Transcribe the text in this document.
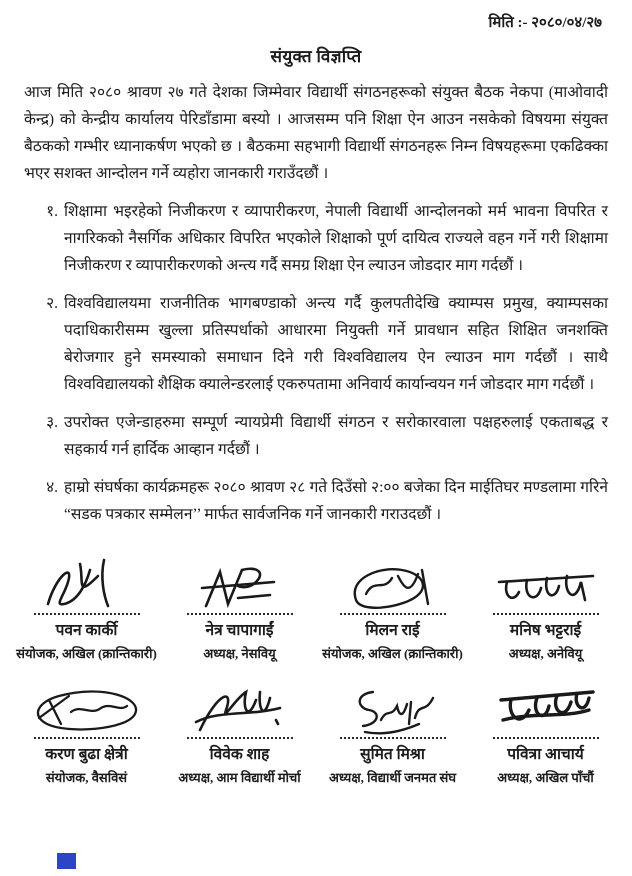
मिति :- २०८०/०४/२७
संयुक्त विज्ञप्ति

आज मिति २०८० श्रावण २७ गते देशका जिम्मेवार विद्यार्थी संगठनहरूको संयुक्त बैठक नेकपा (माओवादी केन्द्र) को केन्द्रीय कार्यालय पेरिडाँडामा बस्यो । आजसम्म पनि शिक्षा ऐन आउन नसकेको विषयमा संयुक्त बैठकको गम्भीर ध्यानाकर्षण भएको छ । बैठकमा सहभागी विद्यार्थी संगठनहरू निम्न विषयहरूमा एकढिक्का भएर सशक्त आन्दोलन गर्ने व्यहोरा जानकारी गराउँदछौं ।

१. शिक्षामा भइरहेको निजीकरण र व्यापारीकरण, नेपाली विद्यार्थी आन्दोलनको मर्म भावना विपरित र नागरिकको नैसर्गिक अधिकार विपरित भएकोले शिक्षाको पूर्ण दायित्व राज्यले वहन गर्ने गरी शिक्षामा निजीकरण र व्यापारीकरणको अन्त्य गर्दै समग्र शिक्षा ऐन ल्याउन जोडदार माग गर्दछौं ।
२. विश्वविद्यालयमा राजनीतिक भागबण्डाको अन्त्य गर्दै कुलपतीदेखि क्याम्पस प्रमुख, क्याम्पसका पदाधिकारीसम्म खुल्ला प्रतिस्पर्धाको आधारमा नियुक्ती गर्ने प्रावधान सहित शिक्षित जनशक्ति बेरोजगार हुने समस्याको समाधान दिने गरी विश्वविद्यालय ऐन ल्याउन माग गर्दछौं । साथै विश्वविद्यालयको शैक्षिक क्यालेन्डरलाई एकरुपतामा अनिवार्य कार्यान्वयन गर्न जोडदार माग गर्दछौं ।
३. उपरोक्त एजेन्डाहरुमा सम्पूर्ण न्यायप्रेमी विद्यार्थी संगठन र सरोकारवाला पक्षहरुलाई एकताबद्ध र सहकार्य गर्न हार्दिक आव्हान गर्दछौं ।
४. हाम्रो संघर्षका कार्यक्रमहरू २०८० श्रावण २८ गते दिउँसो २:०० बजेका दिन माईतिघर मण्डलामा गरिने “सडक पत्रकार सम्मेलन’’ मार्फत सार्वजनिक गर्ने जानकारी गराउदछौं ।
पवन कार्की
संयोजक, अखिल (क्रान्तिकारी)
नेत्र चापागाईं
अध्यक्ष, नेसवियू
मिलन राई
संयोजक, अखिल (क्रान्तिकारी)
मनिष भट्टराई
अध्यक्ष, अनेवियू
करण बुढा क्षेत्री
संयोजक, वैसविसं
विवेक शाह
अध्यक्ष, आम विद्यार्थी मोर्चा
सुमित मिश्रा
अध्यक्ष, विद्यार्थी जनमत संघ
पवित्रा आचार्य
अध्यक्ष, अखिल पाँचौं
